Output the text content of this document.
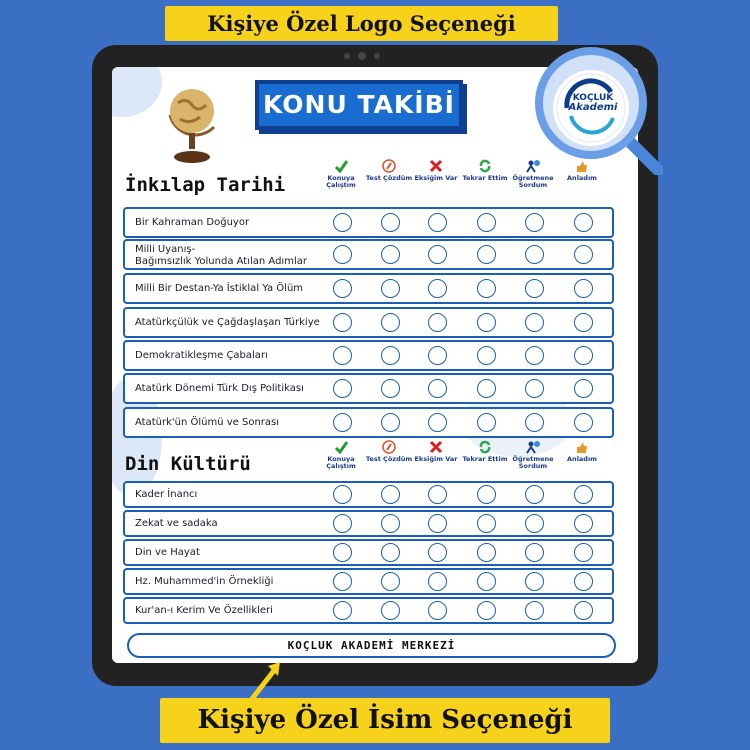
Kişiye Özel Logo Seçeneği
KONU TAKİBİ
İnkılap Tarihi	Konuya Çalıştım
Test Çözdüm Eksiğim Var Tekrar Ettim Öğretmene Sordum
Anladım
Bir Kahraman Doğuyor
Milli Uyanış-
Bağımsızlık Yolunda Atılan Adımlar
Milli Bir Destan-Ya İstiklal Ya Ölüm
Atatürkçülük ve Çağdaşlaşan Türkiye
Demokratikleşme Çabaları
Atatürk Dönemi Türk Dış Politikası
Atatürk'ün Ölümü ve Sonrası
Din Kültürü	Konuya Çalıştım
Test Çözdüm Eksiğim Var Tekrar Ettim Öğretmene Sordum
Anladım
Kader İnancı
Zekat ve sadaka
Din ve Hayat
Hz. Muhammed'in Örnekliği
Kur'an-ı Kerim Ve Özellikleri
KOÇLUK AKADEMİ MERKEZİ
KOÇLUK
Akademi
Kişiye Özel İsim Seçeneği
